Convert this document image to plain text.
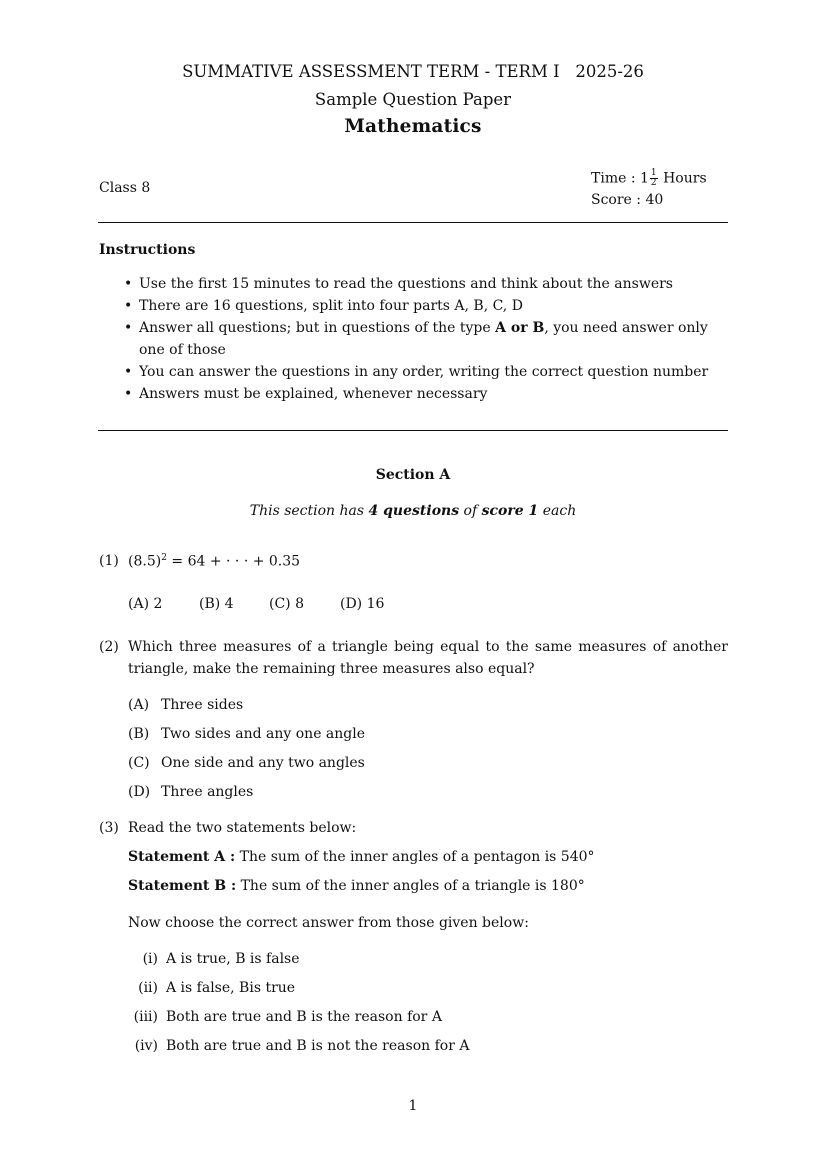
SUMMATIVE ASSESSMENT TERM - TERM I   2025-26
Sample Question Paper
Mathematics
Class 8
Time : $1 \frac{1}{2}$ Hours
Score : 40
Instructions
• Use the first 15 minutes to read the questions and think about the answers
• There are 16 questions, split into four parts A, B, C, D
• Answer all questions; but in questions of the type A or B, you need answer only
one of those
• You can answer the questions in any order, writing the correct question number
• Answers must be explained, whenever necessary
Section A
This section has 4 questions of score 1 each
(1) $(8.5)^2 = 64$ + · · · + 0.35
(A) 2	(B) 4	(C) 8	(D) 16
(2) Which three measures of a triangle being equal to the same measures of another
triangle, make the remaining three measures also equal?
(A) Three sides
(B) Two sides and any one angle
(C) One side and any two angles
(D) Three angles
(3) Read the two statements below:
Statement A : The sum of the inner angles of a pentagon is 540°
Statement B : The sum of the inner angles of a triangle is 180°
Now choose the correct answer from those given below:
(i) A is true, B is false
(ii) A is false, Bis true
(iii) Both are true and B is the reason for A
(iv) Both are true and B is not the reason for A
1
